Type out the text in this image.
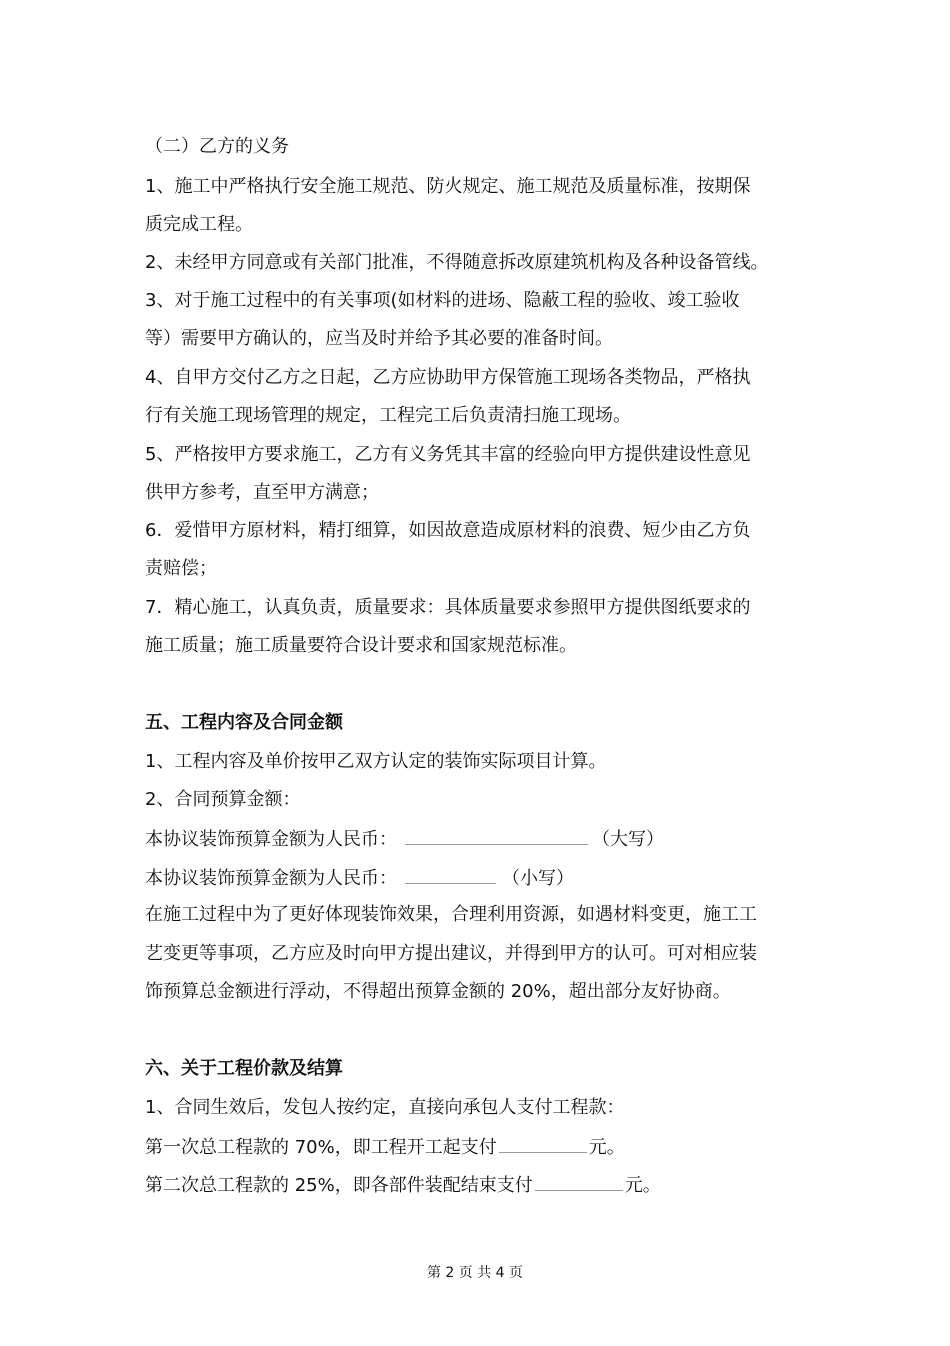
（二）乙方的义务
1、施工中严格执行安全施工规范、防火规定、施工规范及质量标准，按期保
质完成工程。
2、未经甲方同意或有关部门批准，不得随意拆改原建筑机构及各种设备管线。
3、对于施工过程中的有关事项(如材料的进场、隐蔽工程的验收、竣工验收
等）需要甲方确认的，应当及时并给予其必要的准备时间。
4、自甲方交付乙方之日起，乙方应协助甲方保管施工现场各类物品，严格执
行有关施工现场管理的规定，工程完工后负责清扫施工现场。
5、严格按甲方要求施工，乙方有义务凭其丰富的经验向甲方提供建设性意见
供甲方参考，直至甲方满意；
6．爱惜甲方原材料，精打细算，如因故意造成原材料的浪费、短少由乙方负
责赔偿；
7．精心施工，认真负责，质量要求：具体质量要求参照甲方提供图纸要求的
施工质量；施工质量要符合设计要求和国家规范标准。
五、工程内容及合同金额
1、工程内容及单价按甲乙双方认定的装饰实际项目计算。
2、合同预算金额：
本协议装饰预算金额为人民币：	（大写）
本协议装饰预算金额为人民币：	（小写）
在施工过程中为了更好体现装饰效果，合理利用资源，如遇材料变更，施工工
艺变更等事项，乙方应及时向甲方提出建议，并得到甲方的认可。可对相应装
饰预算总金额进行浮动，不得超出预算金额的 20%，超出部分友好协商。
六、关于工程价款及结算
1、合同生效后，发包人按约定，直接向承包人支付工程款：
第一次总工程款的 70%，即工程开工起支付	元。
第二次总工程款的 25%，即各部件装配结束支付	元。
第 2 页 共 4 页
